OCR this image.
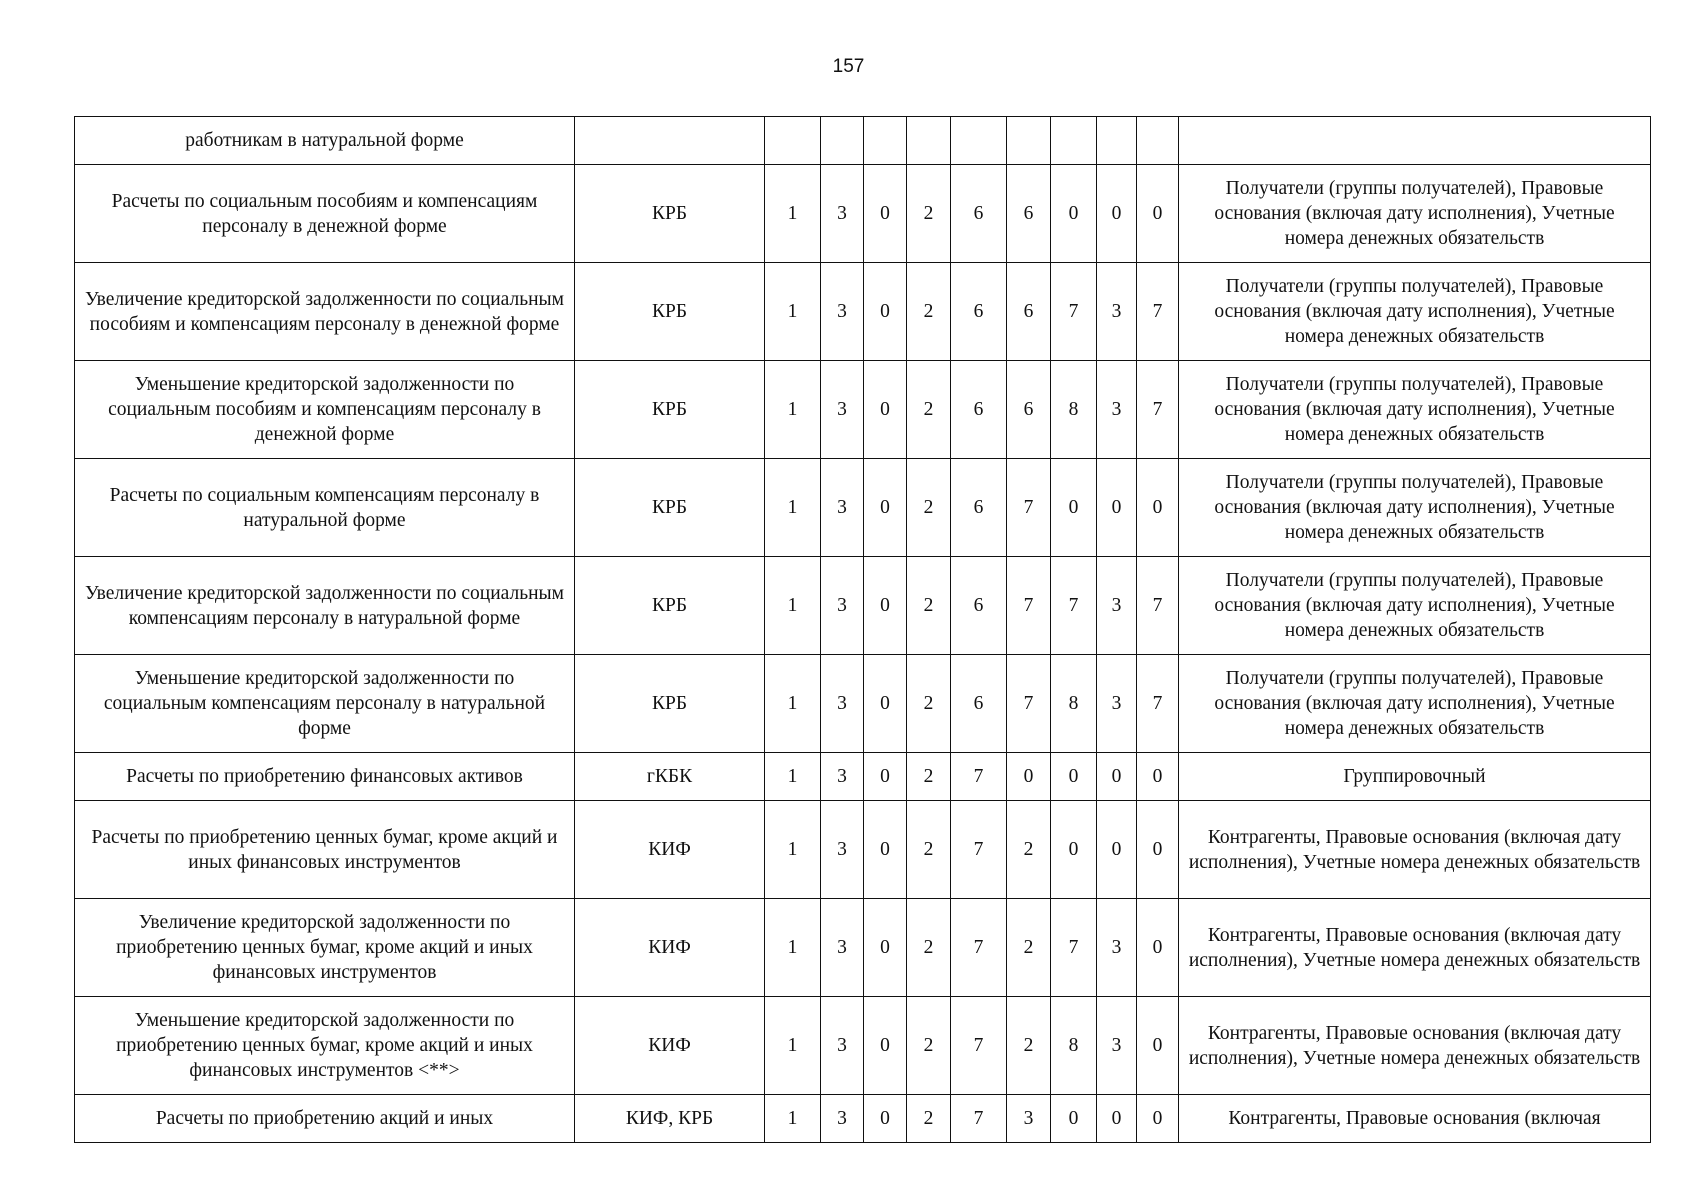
157
работникам в натуральной форме											
Расчеты по социальным пособиям и компенсациям персоналу в денежной форме	КРБ	1	3	0	2	6	6	0	0	0	Получатели (группы получателей), Правовые основания (включая дату исполнения), Учетные номера денежных обязательств
Увеличение кредиторской задолженности по социальным пособиям и компенсациям персоналу в денежной форме	КРБ	1	3	0	2	6	6	7	3	7	Получатели (группы получателей), Правовые основания (включая дату исполнения), Учетные номера денежных обязательств
Уменьшение кредиторской задолженности по социальным пособиям и компенсациям персоналу в денежной форме	КРБ	1	3	0	2	6	6	8	3	7	Получатели (группы получателей), Правовые основания (включая дату исполнения), Учетные номера денежных обязательств
Расчеты по социальным компенсациям персоналу в натуральной форме	КРБ	1	3	0	2	6	7	0	0	0	Получатели (группы получателей), Правовые основания (включая дату исполнения), Учетные номера денежных обязательств
Увеличение кредиторской задолженности по социальным компенсациям персоналу в натуральной форме	КРБ	1	3	0	2	6	7	7	3	7	Получатели (группы получателей), Правовые основания (включая дату исполнения), Учетные номера денежных обязательств
Уменьшение кредиторской задолженности по социальным компенсациям персоналу в натуральной форме	КРБ	1	3	0	2	6	7	8	3	7	Получатели (группы получателей), Правовые основания (включая дату исполнения), Учетные номера денежных обязательств
Расчеты по приобретению финансовых активов	гКБК	1	3	0	2	7	0	0	0	0	Группировочный
Расчеты по приобретению ценных бумаг, кроме акций и иных финансовых инструментов	КИФ	1	3	0	2	7	2	0	0	0	Контрагенты, Правовые основания (включая дату исполнения), Учетные номера денежных обязательств
Увеличение кредиторской задолженности по приобретению ценных бумаг, кроме акций и иных финансовых инструментов	КИФ	1	3	0	2	7	2	7	3	0	Контрагенты, Правовые основания (включая дату исполнения), Учетные номера денежных обязательств
Уменьшение кредиторской задолженности по приобретению ценных бумаг, кроме акций и иных финансовых инструментов <**>	КИФ	1	3	0	2	7	2	8	3	0	Контрагенты, Правовые основания (включая дату исполнения), Учетные номера денежных обязательств
Расчеты по приобретению акций и иных	КИФ, КРБ	1	3	0	2	7	3	0	0	0	Контрагенты, Правовые основания (включая
